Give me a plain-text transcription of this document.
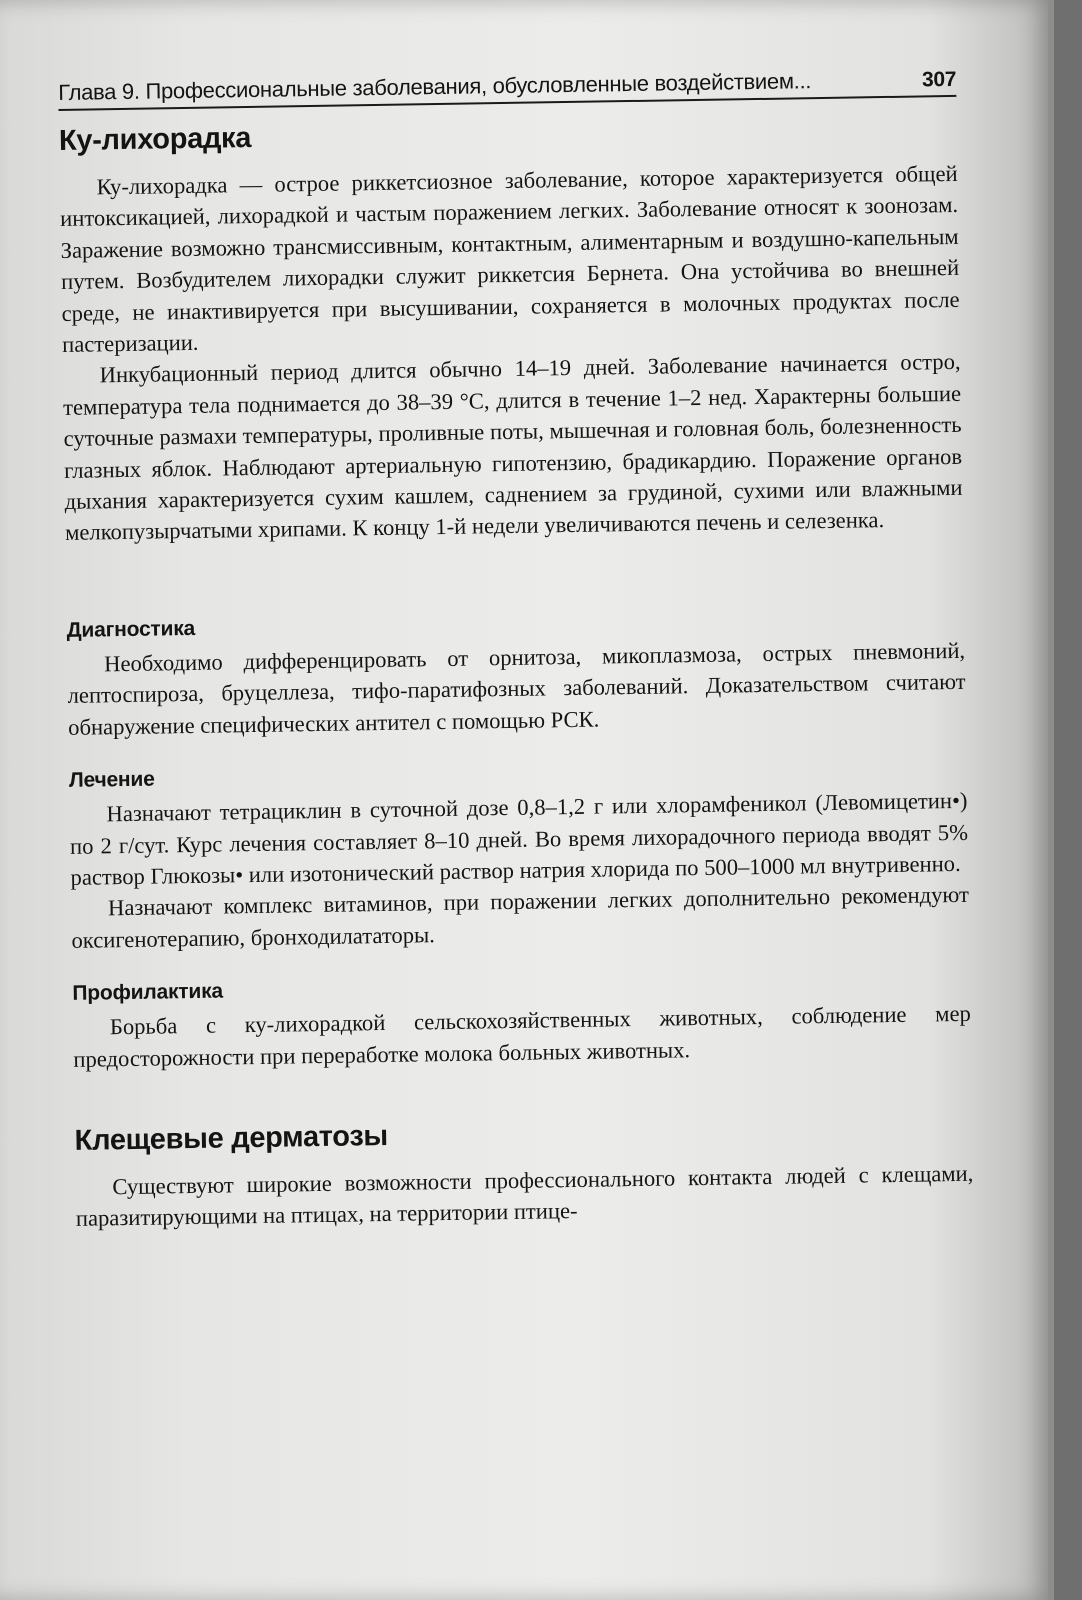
Глава 9. Профессиональные заболевания, обусловленные воздействием...	307
Ку-лихорадка

Ку-лихорадка — острое риккетсиозное заболевание, которое характеризуется общей интоксикацией, лихорадкой и частым поражением легких. Заболевание относят к зоонозам. Заражение возможно трансмиссивным, контактным, алиментарным и воздушно-капельным путем. Возбудителем лихорадки служит риккетсия Бернета. Она устойчива во внешней среде, не инактивируется при высушивании, сохраняется в молочных продуктах после пастеризации.

Инкубационный период длится обычно 14–19 дней. Заболевание начинается остро, температура тела поднимается до 38–39 °С, длится в течение 1–2 нед. Характерны большие суточные размахи температуры, проливные поты, мышечная и головная боль, болезненность глазных яблок. Наблюдают артериальную гипотензию, брадикардию. Поражение органов дыхания характеризуется сухим кашлем, саднением за грудиной, сухими или влажными мелкопузырчатыми хрипами. К концу 1-й недели увеличиваются печень и селезенка.

Диагностика

Необходимо дифференцировать от орнитоза, микоплазмоза, острых пневмоний, лептоспироза, бруцеллеза, тифо-паратифозных заболеваний. Доказательством считают обнаружение специфических антител с помощью РСК.

Лечение

Назначают тетрациклин в суточной дозе 0,8–1,2 г или хлорамфеникол (Левомицетин•) по 2 г/сут. Курс лечения составляет 8–10 дней. Во время лихорадочного периода вводят 5% раствор Глюкозы• или изотонический раствор натрия хлорида по 500–1000 мл внутривенно.

Назначают комплекс витаминов, при поражении легких дополнительно рекомендуют оксигенотерапию, бронходилататоры.

Профилактика

Борьба с ку-лихорадкой сельскохозяйственных животных, соблюдение мер предосторожности при переработке молока больных животных.

Клещевые дерматозы

Существуют широкие возможности профессионального контакта людей с клещами, паразитирующими на птицах, на территории птице-
